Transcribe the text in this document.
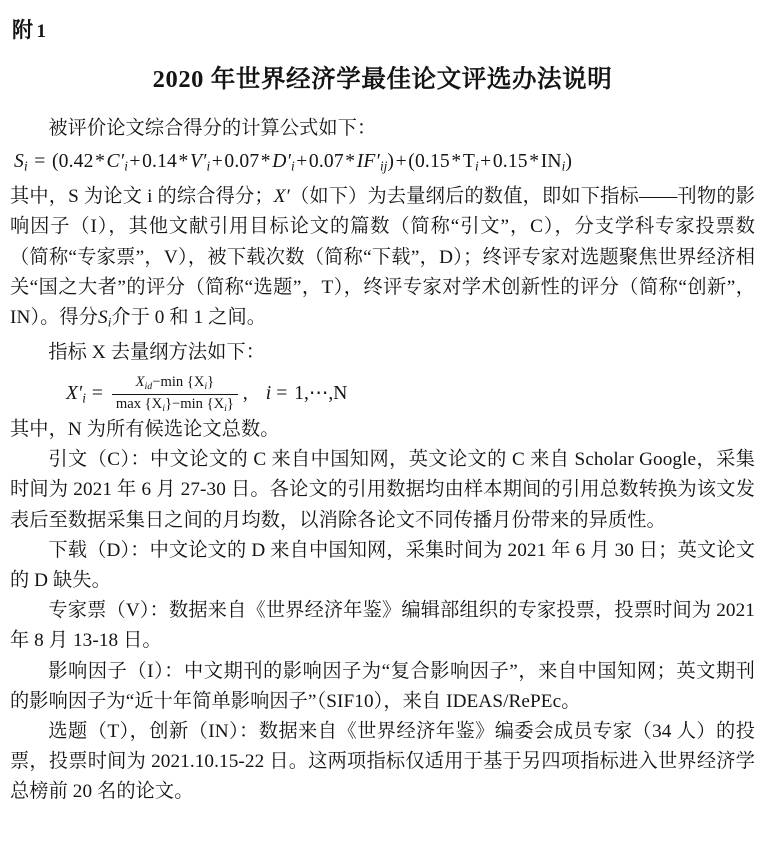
附 1
2020 年世界经济学最佳论文评选办法说明

被评价论文综合得分的计算公式如下：

$S_i = (0.42*C'_i+0.14*V'_i+0.07*D'_i+0.07*IF'_{ij})+(0.15*T_i+0.15*IN_i)$

其中，S 为论文 i 的综合得分；X′（如下）为去量纲后的数值，即如下指标——刊物的影响因子（I），其他文献引用目标论文的篇数（简称“引文”，C），分支学科专家投票数（简称“专家票”，V），被下载次数（简称“下载”，D）；终评专家对选题聚焦世界经济相关“国之大者”的评分（简称“选题”，T），终评专家对学术创新性的评分（简称“创新”，IN）。得分$S_i$介于 0 和 1 之间。

指标 X 去量纲方法如下：

$X'_i = \frac{X_{id}-\min \{X_i\}}{\max \{X_i\}-\min \{X_i\}}$ , i = 1,⋯,N

其中，N 为所有候选论文总数。

引文（C）：中文论文的 C 来自中国知网，英文论文的 C 来自 Scholar Google，采集时间为 2021 年 6 月 27-30 日。各论文的引用数据均由样本期间的引用总数转换为该文发表后至数据采集日之间的月均数，以消除各论文不同传播月份带来的异质性。

下载（D）：中文论文的 D 来自中国知网，采集时间为 2021 年 6 月 30 日；英文论文的 D 缺失。

专家票（V）：数据来自《世界经济年鉴》编辑部组织的专家投票，投票时间为 2021 年 8 月 13-18 日。

影响因子（I）：中文期刊的影响因子为“复合影响因子”，来自中国知网；英文期刊的影响因子为“近十年简单影响因子”（SIF10），来自 IDEAS/RePEc。

选题（T），创新（IN）：数据来自《世界经济年鉴》编委会成员专家（34 人）的投票，投票时间为 2021.10.15-22 日。这两项指标仅适用于基于另四项指标进入世界经济学总榜前 20 名的论文。
